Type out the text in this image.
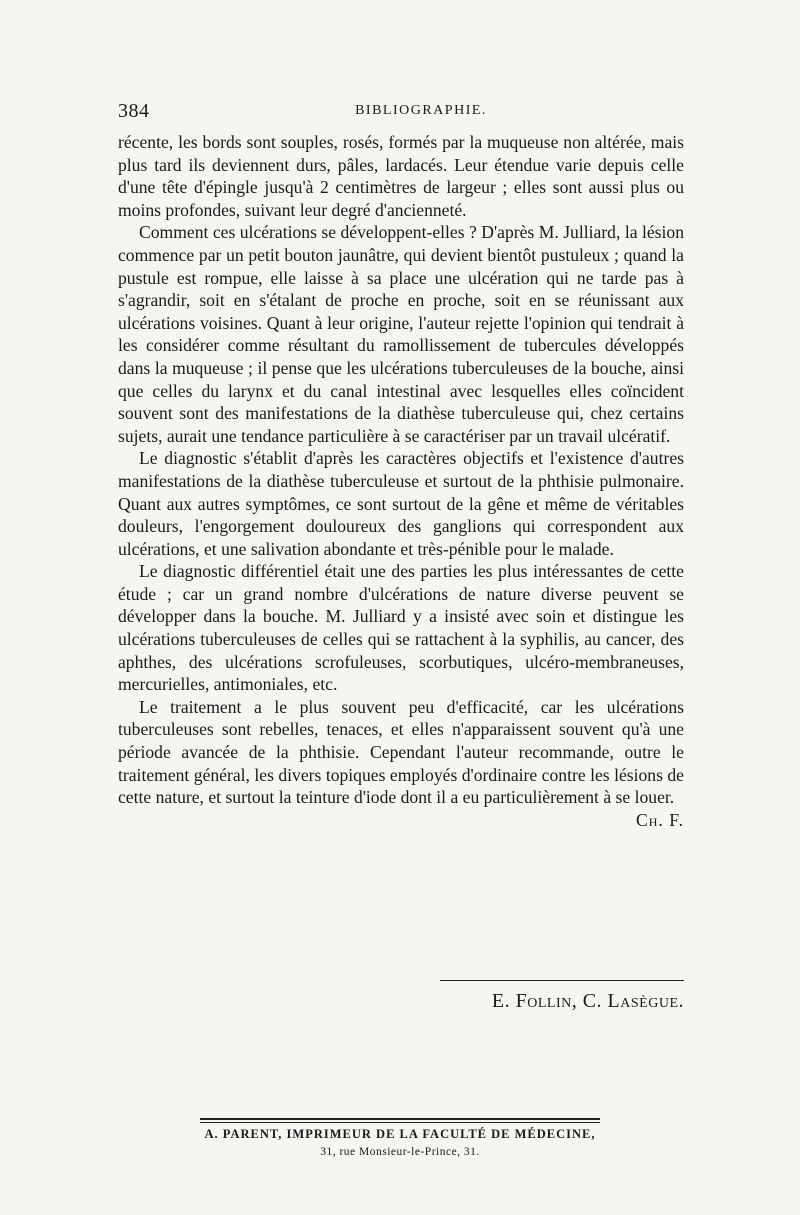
384	BIBLIOGRAPHIE.

récente, les bords sont souples, rosés, formés par la muqueuse non altérée, mais plus tard ils deviennent durs, pâles, lardacés. Leur étendue varie depuis celle d'une tête d'épingle jusqu'à 2 centimètres de largeur ; elles sont aussi plus ou moins profondes, suivant leur degré d'ancienneté.

Comment ces ulcérations se développent-elles ? D'après M. Julliard, la lésion commence par un petit bouton jaunâtre, qui devient bientôt pustuleux ; quand la pustule est rompue, elle laisse à sa place une ulcération qui ne tarde pas à s'agrandir, soit en s'étalant de proche en proche, soit en se réunissant aux ulcérations voisines. Quant à leur origine, l'auteur rejette l'opinion qui tendrait à les considérer comme résultant du ramollissement de tubercules développés dans la muqueuse ; il pense que les ulcérations tuberculeuses de la bouche, ainsi que celles du larynx et du canal intestinal avec lesquelles elles coïncident souvent sont des manifestations de la diathèse tuberculeuse qui, chez certains sujets, aurait une tendance particulière à se caractériser par un travail ulcératif.

Le diagnostic s'établit d'après les caractères objectifs et l'existence d'autres manifestations de la diathèse tuberculeuse et surtout de la phthisie pulmonaire. Quant aux autres symptômes, ce sont surtout de la gêne et même de véritables douleurs, l'engorgement douloureux des ganglions qui correspondent aux ulcérations, et une salivation abondante et très-pénible pour le malade.

Le diagnostic différentiel était une des parties les plus intéressantes de cette étude ; car un grand nombre d'ulcérations de nature diverse peuvent se développer dans la bouche. M. Julliard y a insisté avec soin et distingue les ulcérations tuberculeuses de celles qui se rattachent à la syphilis, au cancer, des aphthes, des ulcérations scrofuleuses, scorbutiques, ulcéro-membraneuses, mercurielles, antimoniales, etc.

Le traitement a le plus souvent peu d'efficacité, car les ulcérations tuberculeuses sont rebelles, tenaces, et elles n'apparaissent souvent qu'à une période avancée de la phthisie. Cependant l'auteur recommande, outre le traitement général, les divers topiques employés d'ordinaire contre les lésions de cette nature, et surtout la teinture d'iode dont il a eu particulièrement à se louer.
Ch. F.

E. Follin, C. Lasègue.
A. PARENT, IMPRIMEUR DE LA FACULTÉ DE MÉDECINE,
31, rue Monsieur-le-Prince, 31.
